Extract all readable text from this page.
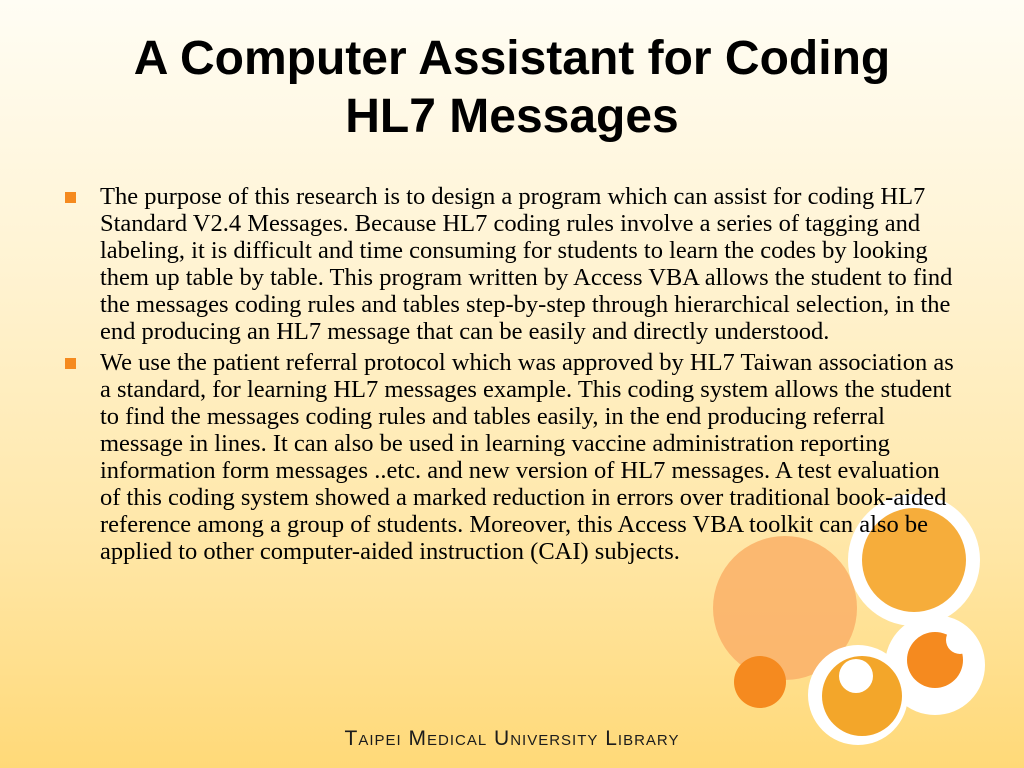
A Computer Assistant for Coding
HL7 Messages
The purpose of this research is to design a program which can assist for coding HL7 Standard V2.4 Messages. Because HL7 coding rules involve a series of tagging and labeling, it is difficult and time consuming for students to learn the codes by looking them up table by table. This program written by Access VBA allows the student to find the messages coding rules and tables step-by-step through hierarchical selection, in the end producing an HL7 message that can be easily and directly understood.
We use the patient referral protocol which was approved by HL7 Taiwan association as a standard, for learning HL7 messages example. This coding system allows the student to find the messages coding rules and tables easily, in the end producing referral message in lines. It can also be used in learning vaccine administration reporting information form messages ..etc. and new version of HL7 messages. A test evaluation of this coding system showed a marked reduction in errors over traditional book-aided reference among a group of students. Moreover, this Access VBA toolkit can also be applied to other computer-aided instruction (CAI) subjects.
Taipei Medical University Library
